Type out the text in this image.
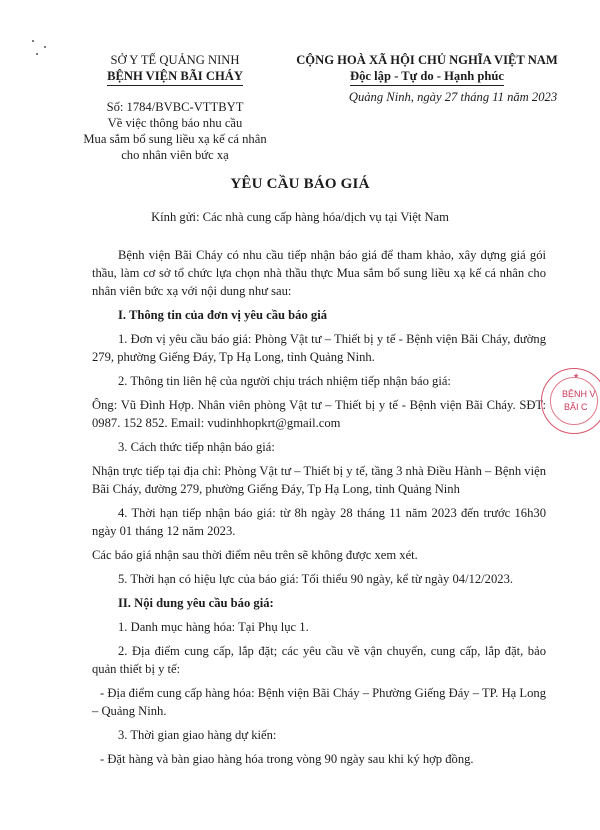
SỞ Y TẾ QUẢNG NINH
BỆNH VIỆN BÃI CHÁY
Số: 1784/BVBC-VTTBYT
Về việc thông báo nhu cầu
Mua sắm bổ sung liều xạ kế cá nhân
cho nhân viên bức xạ
CỘNG HOÀ XÃ HỘI CHỦ NGHĨA VIỆT NAM
Độc lập - Tự do - Hạnh phúc
Quảng Ninh, ngày 27 tháng 11 năm 2023
YÊU CẦU BÁO GIÁ
Kính gửi: Các nhà cung cấp hàng hóa/dịch vụ tại Việt Nam

Bệnh viện Bãi Cháy có nhu cầu tiếp nhận báo giá để tham khảo, xây dựng giá gói thầu, làm cơ sở tổ chức lựa chọn nhà thầu thực Mua sắm bổ sung liều xạ kế cá nhân cho nhân viên bức xạ với nội dung như sau:

I. Thông tin của đơn vị yêu cầu báo giá

1. Đơn vị yêu cầu báo giá: Phòng Vật tư – Thiết bị y tế - Bệnh viện Bãi Cháy, đường 279, phường Giếng Đáy, Tp Hạ Long, tỉnh Quảng Ninh.

2. Thông tin liên hệ của người chịu trách nhiệm tiếp nhận báo giá:

Ông: Vũ Đình Hợp. Nhân viên phòng Vật tư – Thiết bị y tế - Bệnh viện Bãi Cháy. SĐT: 0987. 152 852. Email: vudinhhopkrt@gmail.com

3. Cách thức tiếp nhận báo giá:

Nhận trực tiếp tại địa chỉ: Phòng Vật tư – Thiết bị y tế, tầng 3 nhà Điều Hành – Bệnh viện Bãi Cháy, đường 279, phường Giếng Đáy, Tp Hạ Long, tỉnh Quảng Ninh

4. Thời hạn tiếp nhận báo giá: từ 8h ngày 28 tháng 11 năm 2023 đến trước 16h30 ngày 01 tháng 12 năm 2023.

Các báo giá nhận sau thời điểm nêu trên sẽ không được xem xét.

5. Thời hạn có hiệu lực của báo giá: Tối thiểu 90 ngày, kể từ ngày 04/12/2023.

II. Nội dung yêu cầu báo giá:

1. Danh mục hàng hóa: Tại Phụ lục 1.

2. Địa điểm cung cấp, lắp đặt; các yêu cầu về vận chuyển, cung cấp, lắp đặt, bảo quản thiết bị y tế:

- Địa điểm cung cấp hàng hóa: Bệnh viện Bãi Cháy – Phường Giếng Đáy – TP. Hạ Long – Quảng Ninh.

3. Thời gian giao hàng dự kiến:

- Đặt hàng và bàn giao hàng hóa trong vòng 90 ngày sau khi ký hợp đồng.

★
BỆNH V
BÃI C
